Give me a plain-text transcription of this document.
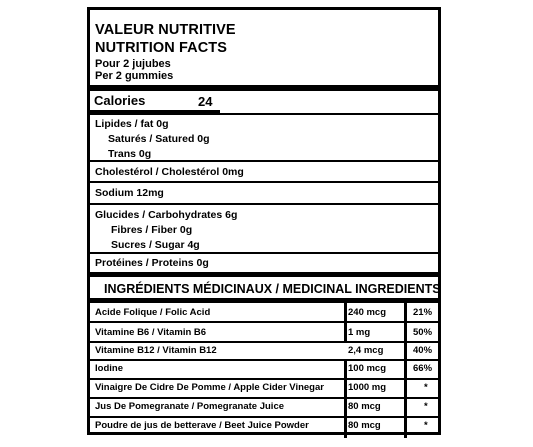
VALEUR NUTRITIVE
NUTRITION FACTS
Pour 2 jujubes
Per 2 gummies
Calories	24
Lipides / fat 0g
Saturés / Satured 0g
Trans 0g
Cholestérol / Cholestérol 0mg
Sodium 12mg
Glucides / Carbohydrates 6g
Fibres / Fiber 0g
Sucres / Sugar 4g
Protéines / Proteins 0g
INGRÉDIENTS MÉDICINAUX / MEDICINAL INGREDIENTS
Acide Folique / Folic Acid	240 mcg	21%
Vitamine B6 / Vitamin B6	1 mg	50%
Vitamine B12 / Vitamin B12	2,4 mcg	40%
Iodine	100 mcg	66%
Vinaigre De Cidre De Pomme / Apple Cider Vinegar	1000 mg	*
Jus De Pomegranate / Pomegranate Juice	80 mcg	*
Poudre de jus de betterave / Beet Juice Powder	80 mcg	*
